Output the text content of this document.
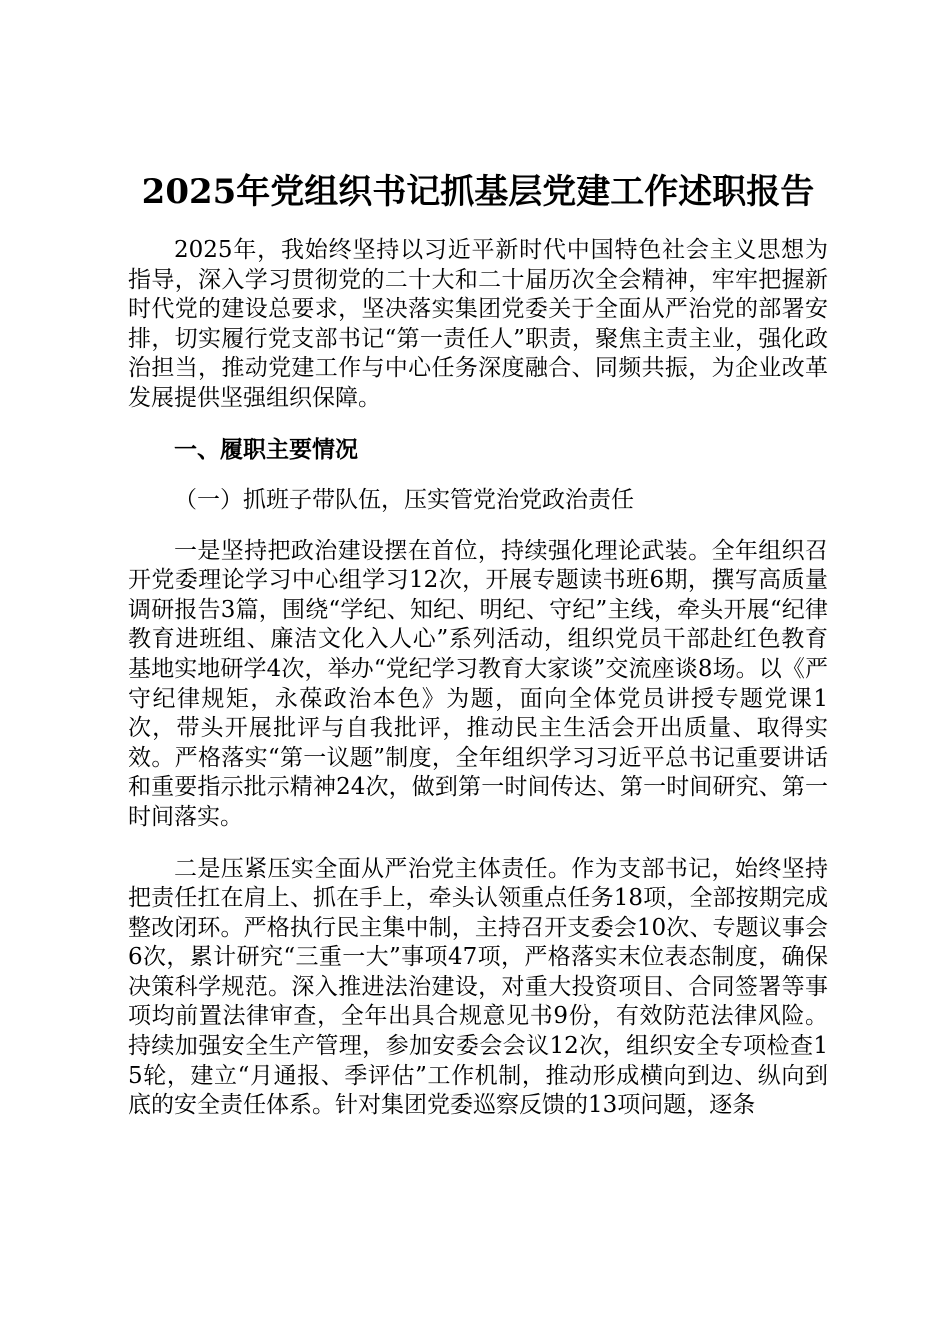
2025年党组织书记抓基层党建工作述职报告

2025年，我始终坚持以习近平新时代中国特色社会主义思想为指导，深入学习贯彻党的二十大和二十届历次全会精神，牢牢把握新时代党的建设总要求，坚决落实集团党委关于全面从严治党的部署安排，切实履行党支部书记“第一责任人”职责，聚焦主责主业，强化政治担当，推动党建工作与中心任务深度融合、同频共振，为企业改革发展提供坚强组织保障。

一、履职主要情况

（一）抓班子带队伍，压实管党治党政治责任

一是坚持把政治建设摆在首位，持续强化理论武装。全年组织召开党委理论学习中心组学习12次，开展专题读书班6期，撰写高质量调研报告3篇，围绕“学纪、知纪、明纪、守纪”主线，牵头开展“纪律教育进班组、廉洁文化入人心”系列活动，组织党员干部赴红色教育基地实地研学4次，举办“党纪学习教育大家谈”交流座谈8场。以《严守纪律规矩，永葆政治本色》为题，面向全体党员讲授专题党课1次，带头开展批评与自我批评，推动民主生活会开出质量、取得实效。严格落实“第一议题”制度，全年组织学习习近平总书记重要讲话和重要指示批示精神24次，做到第一时间传达、第一时间研究、第一时间落实。

二是压紧压实全面从严治党主体责任。作为支部书记，始终坚持把责任扛在肩上、抓在手上，牵头认领重点任务18项，全部按期完成整改闭环。严格执行民主集中制，主持召开支委会10次、专题议事会6次，累计研究“三重一大”事项47项，严格落实末位表态制度，确保决策科学规范。深入推进法治建设，对重大投资项目、合同签署等事项均前置法律审查，全年出具合规意见书9份，有效防范法律风险。持续加强安全生产管理，参加安委会会议12次，组织安全专项检查15轮，建立“月通报、季评估”工作机制，推动形成横向到边、纵向到底的安全责任体系。针对集团党委巡察反馈的13项问题，逐条
